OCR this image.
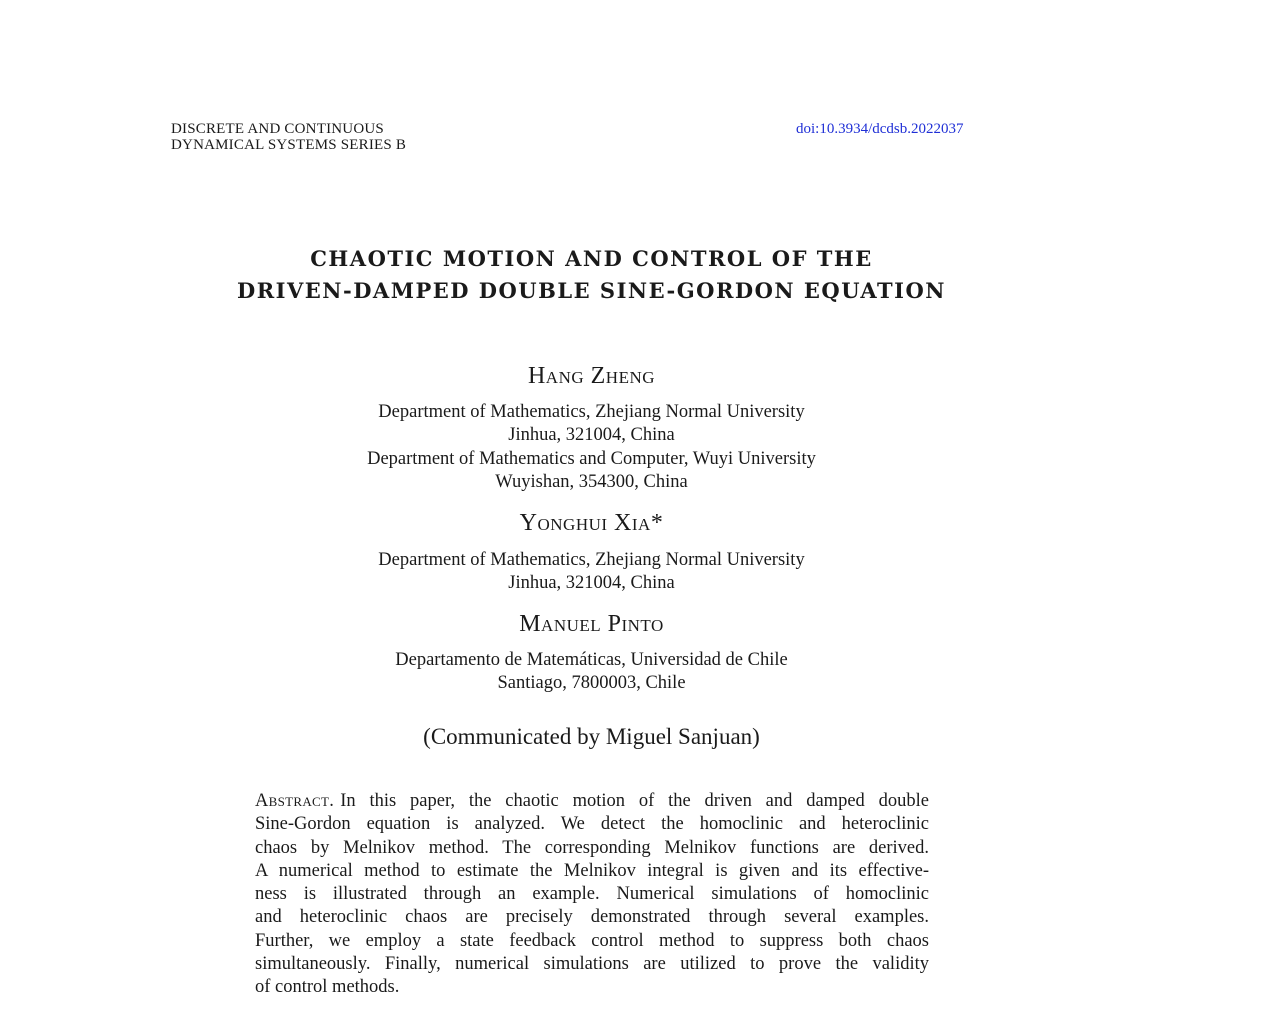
DISCRETE AND CONTINUOUS
DYNAMICAL SYSTEMS SERIES B
doi:10.3934/dcdsb.2022037
CHAOTIC MOTION AND CONTROL OF THE
DRIVEN-DAMPED DOUBLE SINE-GORDON EQUATION
Hang Zheng
Department of Mathematics, Zhejiang Normal University
Jinhua, 321004, China
Department of Mathematics and Computer, Wuyi University
Wuyishan, 354300, China
Yonghui Xia*
Department of Mathematics, Zhejiang Normal University
Jinhua, 321004, China
Manuel Pinto
Departamento de Matemáticas, Universidad de Chile
Santiago, 7800003, Chile
(Communicated by Miguel Sanjuan)
Abstract. In this paper, the chaotic motion of the driven and damped double
Sine-Gordon equation is analyzed. We detect the homoclinic and heteroclinic
chaos by Melnikov method. The corresponding Melnikov functions are derived.
A numerical method to estimate the Melnikov integral is given and its effective-
ness is illustrated through an example. Numerical simulations of homoclinic
and heteroclinic chaos are precisely demonstrated through several examples.
Further, we employ a state feedback control method to suppress both chaos
simultaneously. Finally, numerical simulations are utilized to prove the validity
of control methods.
